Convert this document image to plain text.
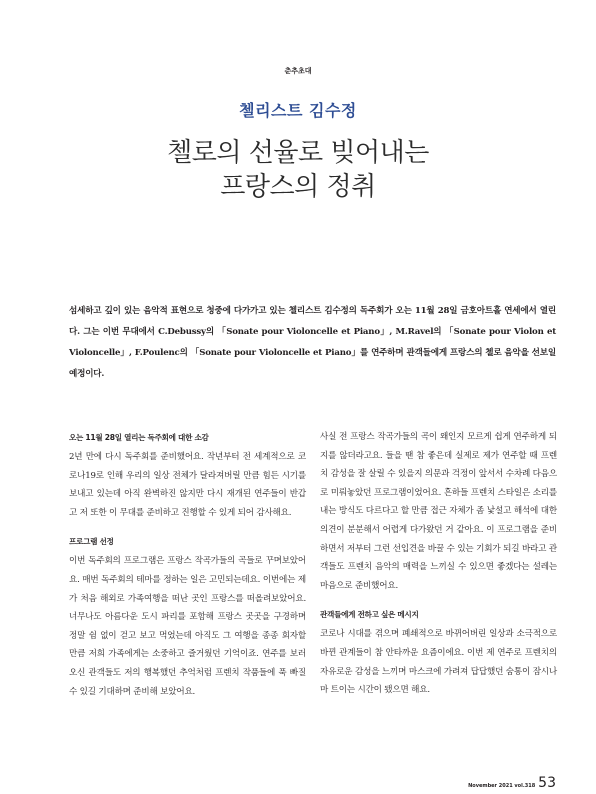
춘추초대
첼리스트 김수정
첼로의 선율로 빚어내는
프랑스의 정취

섬세하고 깊이 있는 음악적 표현으로 청중에 다가가고 있는 첼리스트 김수정의 독주회가 오는 11월 28일 금호아트홀 연세에서 열린다. 그는 이번 무대에서 C.Debussy의 「Sonate pour Violoncelle et Piano」, M.Ravel의 「Sonate pour Violon et Violoncelle」, F.Poulenc의 「Sonate pour Violoncelle et Piano」를 연주하며 관객들에게 프랑스의 첼로 음악을 선보일 예정이다.

오는 11월 28일 열리는 독주회에 대한 소감

2년 만에 다시 독주회를 준비했어요. 작년부터 전 세계적으로 코로나19로 인해 우리의 일상 전체가 달라져버릴 만큼 힘든 시기를 보내고 있는데 아직 완벽하진 않지만 다시 재개된 연주들이 반갑고 저 또한 이 무대를 준비하고 진행할 수 있게 되어 감사해요.

프로그램 선정

이번 독주회의 프로그램은 프랑스 작곡가들의 곡들로 꾸며보았어요. 매번 독주회의 테마를 정하는 일은 고민되는데요. 이번에는 제가 처음 해외로 가족여행을 떠난 곳인 프랑스를 떠올려보았어요. 너무나도 아름다운 도시 파리를 포함해 프랑스 곳곳을 구경하며 정말 쉼 없이 걷고 보고 먹었는데 아직도 그 여행을 종종 회자할 만큼 저희 가족에게는 소중하고 즐거웠던 기억이죠. 연주를 보러 오신 관객들도 저의 행복했던 추억처럼 프렌치 작품들에 푹 빠질 수 있길 기대하며 준비해 보았어요.

사실 전 프랑스 작곡가들의 곡이 왜인지 모르게 쉽게 연주하게 되지를 않더라고요. 들을 땐 참 좋은데 실제로 제가 연주할 때 프렌치 감성을 잘 살릴 수 있을지 의문과 걱정이 앞서서 수차례 다음으로 미뤄놓았던 프로그램이었어요. 흔하들 프렌치 스타일은 소리를 내는 방식도 다르다고 할 만큼 접근 자체가 좀 낯설고 해석에 대한 의견이 분분해서 어렵게 다가왔던 거 같아요. 이 프로그램을 준비하면서 저부터 그런 선입견을 바꿀 수 있는 기회가 되길 바라고 관객들도 프렌치 음악의 매력을 느끼실 수 있으면 좋겠다는 설레는 마음으로 준비했어요.

관객들에게 전하고 싶은 메시지

코로나 시대를 겪으며 폐쇄적으로 바뀌어버린 일상과 소극적으로 바뀐 관계들이 참 안타까운 요즘이에요. 이번 제 연주로 프렌치의 자유로운 감성을 느끼며 마스크에 가려져 답답했던 숨통이 잠시나마 트이는 시간이 됐으면 해요.

November 2021 vol.318 53
